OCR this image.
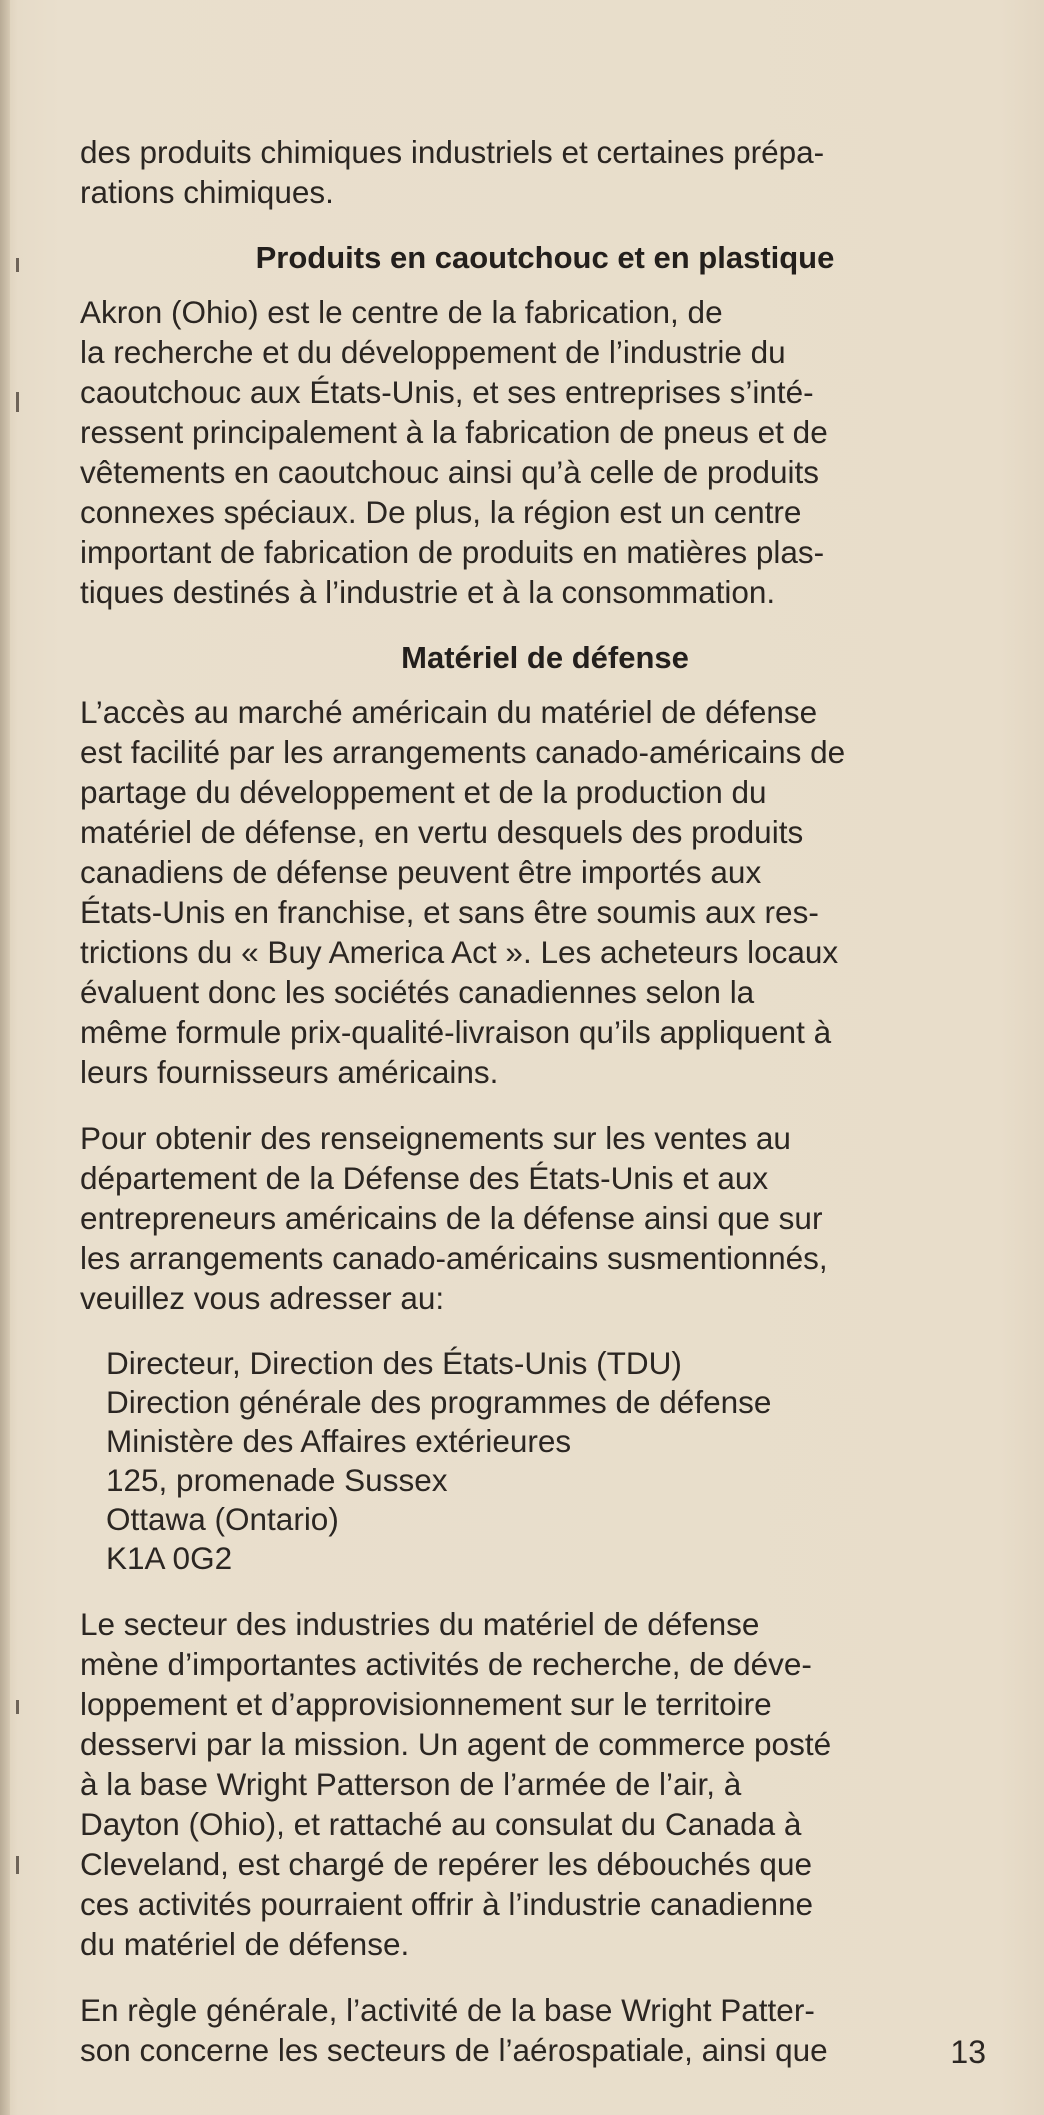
des produits chimiques industriels et certaines prépa-
rations chimiques.

Produits en caoutchouc et en plastique

Akron (Ohio) est le centre de la fabrication, de
la recherche et du développement de l’industrie du
caoutchouc aux États-Unis, et ses entreprises s’inté-
ressent principalement à la fabrication de pneus et de
vêtements en caoutchouc ainsi qu’à celle de produits
connexes spéciaux. De plus, la région est un centre
important de fabrication de produits en matières plas-
tiques destinés à l’industrie et à la consommation.

Matériel de défense

L’accès au marché américain du matériel de défense
est facilité par les arrangements canado-américains de
partage du développement et de la production du
matériel de défense, en vertu desquels des produits
canadiens de défense peuvent être importés aux
États-Unis en franchise, et sans être soumis aux res-
trictions du « Buy America Act ». Les acheteurs locaux
évaluent donc les sociétés canadiennes selon la
même formule prix-qualité-livraison qu’ils appliquent à
leurs fournisseurs américains.

Pour obtenir des renseignements sur les ventes au
département de la Défense des États-Unis et aux
entrepreneurs américains de la défense ainsi que sur
les arrangements canado-américains susmentionnés,
veuillez vous adresser au:

Directeur, Direction des États-Unis (TDU)
Direction générale des programmes de défense
Ministère des Affaires extérieures
125, promenade Sussex
Ottawa (Ontario)
K1A 0G2

Le secteur des industries du matériel de défense
mène d’importantes activités de recherche, de déve-
loppement et d’approvisionnement sur le territoire
desservi par la mission. Un agent de commerce posté
à la base Wright Patterson de l’armée de l’air, à
Dayton (Ohio), et rattaché au consulat du Canada à
Cleveland, est chargé de repérer les débouchés que
ces activités pourraient offrir à l’industrie canadienne
du matériel de défense.

En règle générale, l’activité de la base Wright Patter-
son concerne les secteurs de l’aérospatiale, ainsi que	13
